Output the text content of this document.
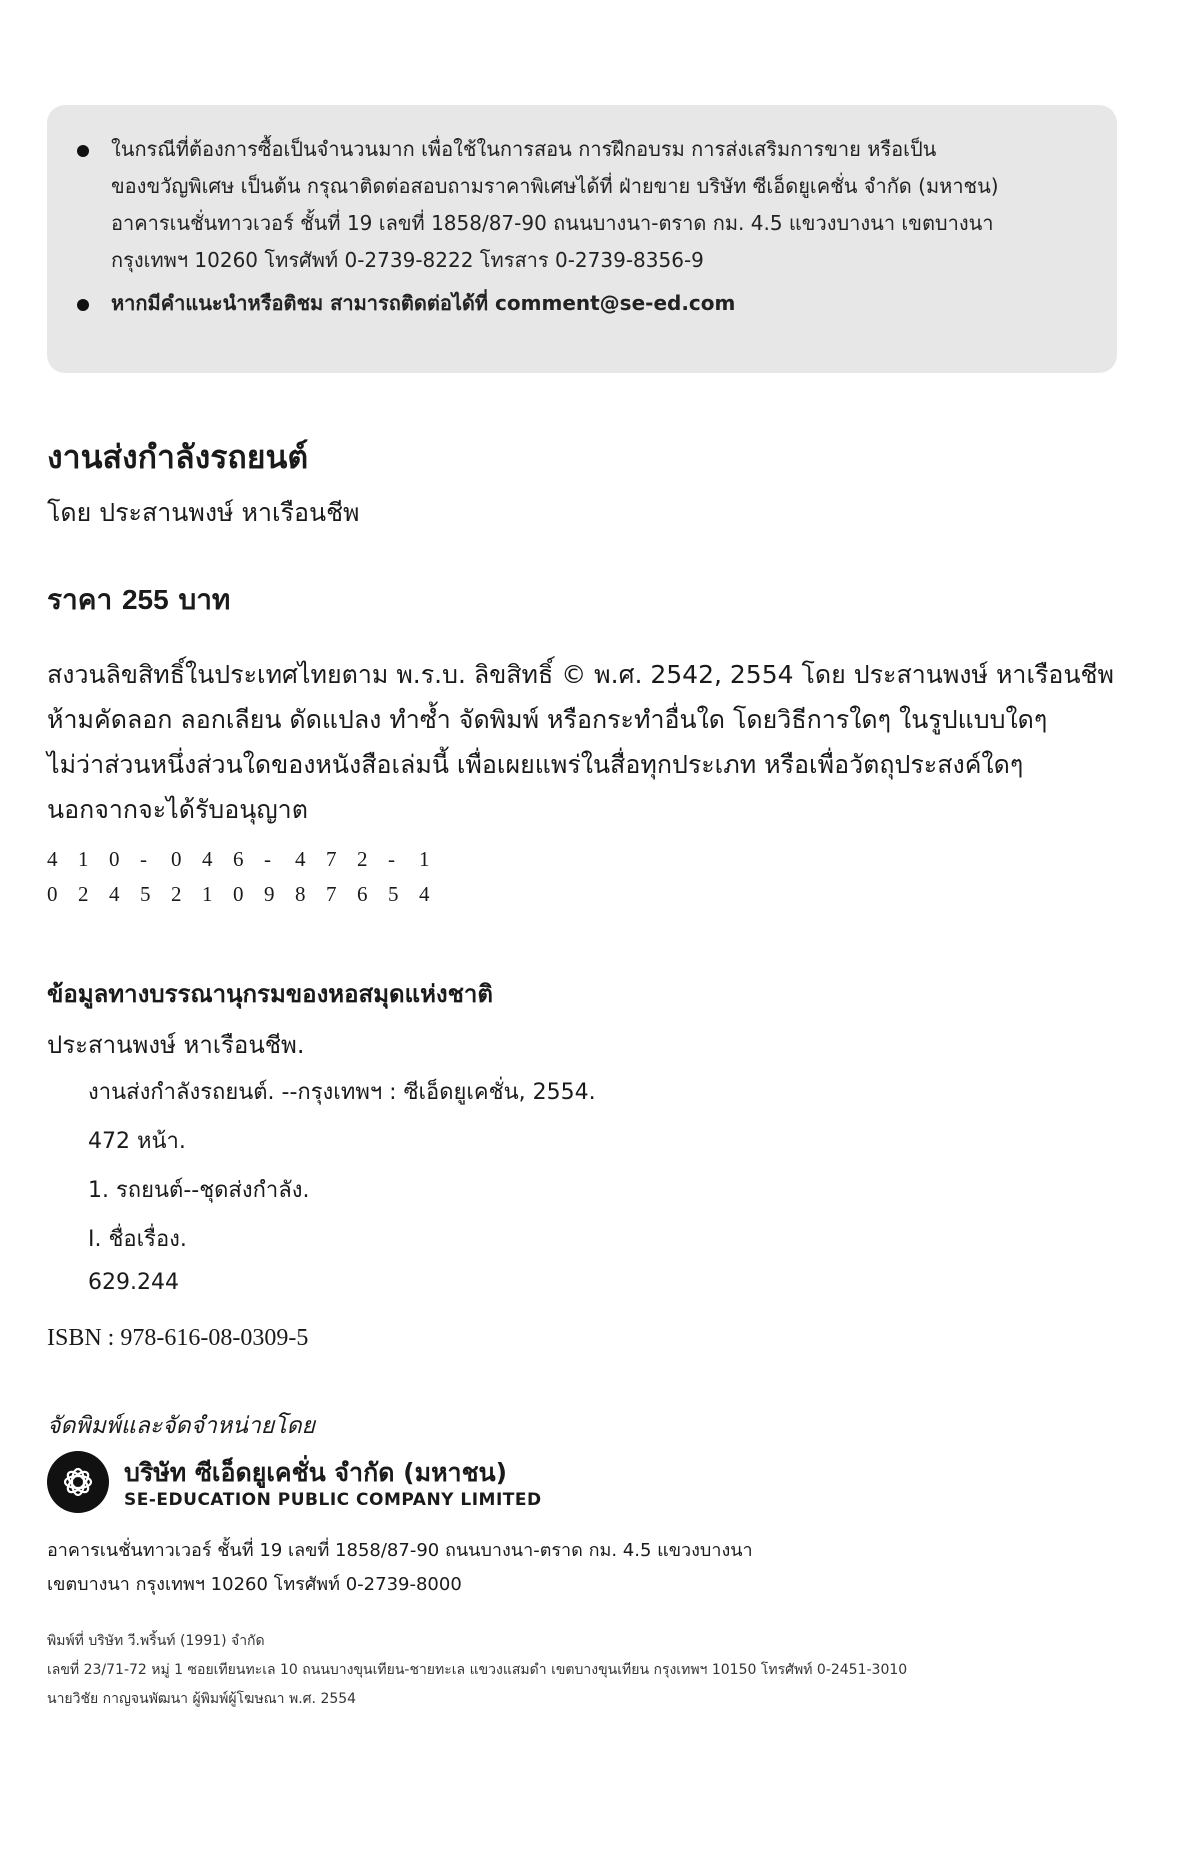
ในกรณีที่ต้องการซื้อเป็นจำนวนมาก เพื่อใช้ในการสอน การฝึกอบรม การส่งเสริมการขาย หรือเป็น
ของขวัญพิเศษ เป็นต้น กรุณาติดต่อสอบถามราคาพิเศษได้ที่ ฝ่ายขาย บริษัท ซีเอ็ดยูเคชั่น จำกัด (มหาชน)
อาคารเนชั่นทาวเวอร์ ชั้นที่ 19 เลขที่ 1858/87-90 ถนนบางนา-ตราด กม. 4.5 แขวงบางนา เขตบางนา
กรุงเทพฯ 10260 โทรศัพท์ 0-2739-8222 โทรสาร 0-2739-8356-9
หากมีคำแนะนำหรือติชม สามารถติดต่อได้ที่ comment@se-ed.com
งานส่งกำลังรถยนต์
โดย ประสานพงษ์ หาเรือนชีพ
ราคา 255 บาท
สงวนลิขสิทธิ์ในประเทศไทยตาม พ.ร.บ. ลิขสิทธิ์ © พ.ศ. 2542, 2554 โดย ประสานพงษ์ หาเรือนชีพ
ห้ามคัดลอก ลอกเลียน ดัดแปลง ทำซ้ำ จัดพิมพ์ หรือกระทำอื่นใด โดยวิธีการใดๆ ในรูปแบบใดๆ
ไม่ว่าส่วนหนึ่งส่วนใดของหนังสือเล่มนี้ เพื่อเผยแพร่ในสื่อทุกประเภท หรือเพื่อวัตถุประสงค์ใดๆ
นอกจากจะได้รับอนุญาต
4 1 0 - 0 4 6 - 4 7 2 - 1
0 2 4 5 2 1 0 9 8 7 6 5 4
ข้อมูลทางบรรณานุกรมของหอสมุดแห่งชาติ
ประสานพงษ์ หาเรือนชีพ.
งานส่งกำลังรถยนต์. --กรุงเทพฯ : ซีเอ็ดยูเคชั่น, 2554.
472 หน้า.
1. รถยนต์--ชุดส่งกำลัง.
I. ชื่อเรื่อง.
629.244
ISBN : 978-616-08-0309-5
จัดพิมพ์และจัดจำหน่ายโดย
บริษัท ซีเอ็ดยูเคชั่น จำกัด (มหาชน)
SE-EDUCATION PUBLIC COMPANY LIMITED
อาคารเนชั่นทาวเวอร์ ชั้นที่ 19 เลขที่ 1858/87-90 ถนนบางนา-ตราด กม. 4.5 แขวงบางนา
เขตบางนา กรุงเทพฯ 10260 โทรศัพท์ 0-2739-8000
พิมพ์ที่ บริษัท วี.พริ้นท์ (1991) จำกัด
เลขที่ 23/71-72 หมู่ 1 ซอยเทียนทะเล 10 ถนนบางขุนเทียน-ชายทะเล แขวงแสมดำ เขตบางขุนเทียน กรุงเทพฯ 10150 โทรศัพท์ 0-2451-3010
นายวิชัย กาญจนพัฒนา ผู้พิมพ์ผู้โฆษณา พ.ศ. 2554
